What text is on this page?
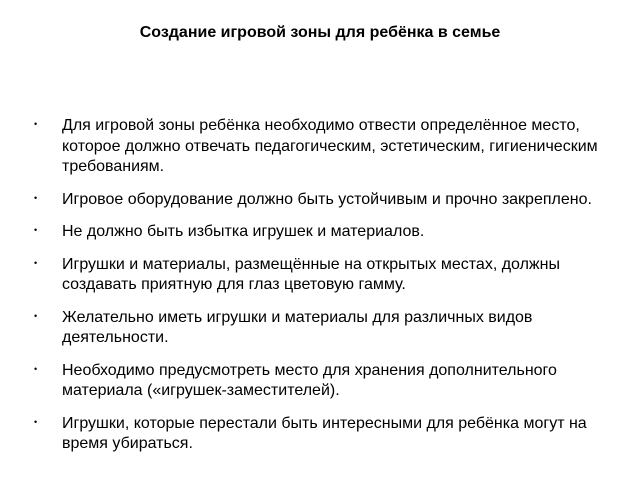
Создание игровой зоны для ребёнка в семье
• Для игровой зоны ребёнка необходимо отвести определённое место, которое должно отвечать педагогическим, эстетическим, гигиеническим требованиям.
• Игровое оборудование должно быть устойчивым и прочно закреплено.
• Не должно быть избытка игрушек и материалов.
• Игрушки и материалы, размещённые на открытых местах, должны создавать приятную для глаз цветовую гамму.
• Желательно иметь игрушки и материалы для различных видов деятельности.
• Необходимо предусмотреть место для хранения дополнительного материала («игрушек-заместителей).
• Игрушки, которые перестали быть интересными для ребёнка могут на время убираться.
